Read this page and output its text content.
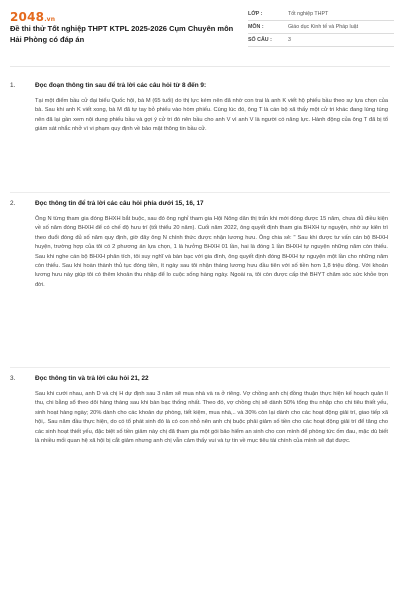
2048.vn
Đề thi thử Tốt nghiệp THPT KTPL 2025-2026 Cụm Chuyên môn Hải Phòng có đáp án
LỚP :	Tốt nghiệp THPT
MÔN :	Giáo dục Kinh tế và Pháp luật
SỐ CÂU :	3
1.	Đọc đoạn thông tin sau để trả lời các câu hỏi từ 8 đến 9:

Tại một điểm bầu cử đại biểu Quốc hội, bà M (65 tuổi) do thị lực kém nên đã nhờ con trai là anh K viết hộ phiếu bầu theo sự lựa chọn của bà. Sau khi anh K viết xong, bà M đã tự tay bỏ phiếu vào hòm phiếu. Cùng lúc đó, ông T là cán bộ xã thấy một cử tri khác đang lúng túng nên đã lại gần xem nội dung phiếu bầu và gợi ý cử tri đó nên bầu cho anh V vì anh V là người có năng lực. Hành động của ông T đã bị tổ giám sát nhắc nhở vì vi phạm quy định về bảo mật thông tin bầu cử.

2.	Đọc thông tin để trả lời các câu hỏi phía dưới 15, 16, 17

Ông N từng tham gia đóng BHXH bắt buộc, sau đó ông nghỉ tham gia Hội Nông dân thị trấn khi mới đóng được 15 năm, chưa đủ điều kiện về số năm đóng BHXH để có chế độ hưu trí (tối thiểu 20 năm). Cuối năm 2022, ông quyết định tham gia BHXH tự nguyện, nhờ sự kiên trì theo đuổi đóng đủ số năm quy định, giờ đây ông N chính thức được nhận lương hưu. Ông chia sẻ: " Sau khi được tư vấn cán bộ BHXH huyện, trường hợp của tôi có 2 phương án lựa chọn, 1 là hưởng BHXH 01 lần, hai là đóng 1 lần BHXH tự nguyện những năm còn thiếu. Sau khi nghe cán bộ BHXH phân tích, tôi suy nghĩ và bàn bạc với gia đình, ông quyết định đóng BHXH tự nguyện một lần cho những năm còn thiếu. Sau khi hoàn thành thủ tục đóng tiền, ít ngày sau tôi nhận tháng lương hưu đầu tiên với số tiền hơn 1,8 triệu đồng. Với khoản lương hưu này giúp tôi có thêm khoản thu nhập để lo cuộc sống hàng ngày. Ngoài ra, tôi còn được cấp thẻ BHYT chăm sóc sức khỏe trọn đời.

3.	Đọc thông tin và trả lời câu hỏi 21, 22

Sau khi cưới nhau, anh D và chị H dự định sau 3 năm sẽ mua nhà và ra ở riêng. Vợ chồng anh chị đồng thuận thực hiện kế hoạch quản lí thu, chi bằng sổ theo dõi hàng tháng sau khi bàn bạc thống nhất. Theo đó, vợ chồng chị sẽ dành 50% tổng thu nhập cho chi tiêu thiết yếu, sinh hoạt hàng ngày; 20% dành cho các khoản dự phòng, tiết kiệm, mua nhà,.. và 30% còn lại dành cho các hoạt động giải trí, giao tiếp xã hội,. Sau năm đầu thực hiện, do có tổ phát sinh đó là có con nhỏ nên anh chị buộc phải giảm số tiền cho các hoạt động giải trí để tăng cho các sinh hoạt thiết yếu, đặc biệt số tiền giảm này chị đã tham gia một gói bảo hiểm an sinh cho con mình để phòng tức ốm đau, mặc dù biết là nhiều mối quan hệ xã hội bị cắt giảm nhưng anh chị vẫn cảm thấy vui và tự tin về mục tiêu tài chính của mình sẽ đạt được.
